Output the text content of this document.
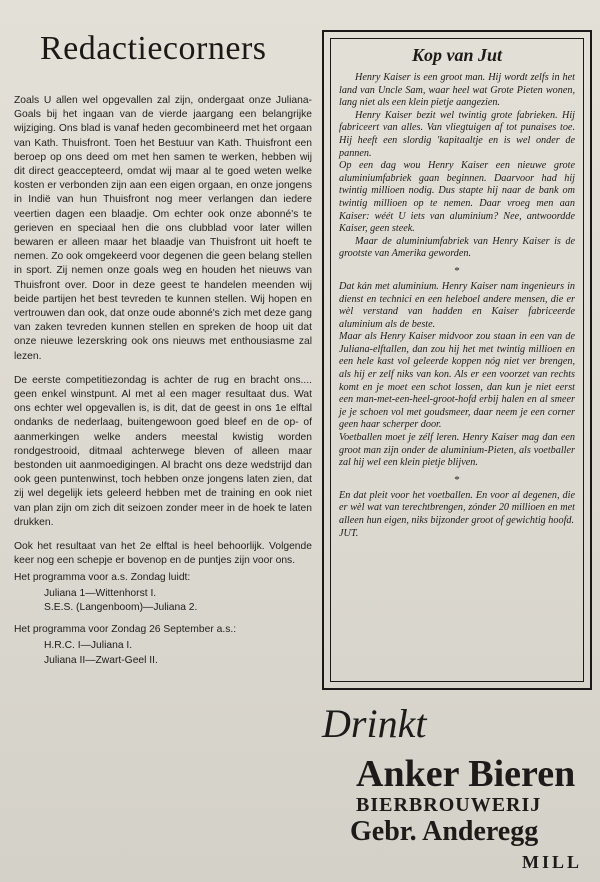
Redactiecorners

Zoals U allen wel opgevallen zal zijn, ondergaat onze Juliana-Goals bij het ingaan van de vierde jaargang een belangrijke wijziging. Ons blad is vanaf heden gecombineerd met het orgaan van Kath. Thuisfront. Toen het Bestuur van Kath. Thuisfront een beroep op ons deed om met hen samen te werken, hebben wij dit direct geaccepteerd, omdat wij maar al te goed weten welke kosten er verbonden zijn aan een eigen orgaan, en onze jongens in Indië van hun Thuisfront nog meer verlangen dan iedere veertien dagen een blaadje. Om echter ook onze abonné's te gerieven en speciaal hen die ons clubblad voor later willen bewaren er alleen maar het blaadje van Thuisfront uit hoeft te nemen. Zo ook omgekeerd voor degenen die geen belang stellen in sport. Zij nemen onze goals weg en houden het nieuws van Thuisfront over. Door in deze geest te handelen meenden wij beide partijen het best tevreden te kunnen stellen. Wij hopen en vertrouwen dan ook, dat onze oude abonné's zich met deze gang van zaken tevreden kunnen stellen en spreken de hoop uit dat onze nieuwe lezerskring ook ons nieuws met enthousiasme zal lezen.

De eerste competitiezondag is achter de rug en bracht ons.... geen enkel winstpunt. Al met al een mager resultaat dus. Wat ons echter wel opgevallen is, is dit, dat de geest in ons 1e elftal ondanks de nederlaag, buitengewoon goed bleef en de op- of aanmerkingen welke anders meestal kwistig worden rondgestrooid, ditmaal achterwege bleven of alleen maar bestonden uit aanmoedigingen. Al bracht ons deze wedstrijd dan ook geen puntenwinst, toch hebben onze jongens laten zien, dat zij wel degelijk iets geleerd hebben met de training en ook niet van plan zijn om zich dit seizoen zonder meer in de hoek te laten drukken.

Ook het resultaat van het 2e elftal is heel behoorlijk. Volgende keer nog een schepje er bovenop en de puntjes zijn voor ons.

Het programma voor a.s. Zondag luidt:

Juliana 1—Wittenhorst I.
S.E.S. (Langenboom)—Juliana 2.

Het programma voor Zondag 26 September a.s.:

H.R.C. I—Juliana I.
Juliana II—Zwart-Geel II.
Kop van Jut

Henry Kaiser is een groot man. Hij wordt zelfs in het land van Uncle Sam, waar heel wat Grote Pieten wonen, lang niet als een klein pietje aangezien.

Henry Kaiser bezit wel twintig grote fabrieken. Hij fabriceert van alles. Van vliegtuigen af tot punaises toe. Hij heeft een slordig 'kapitaaltje en is wel onder de pannen.

Op een dag wou Henry Kaiser een nieuwe grote aluminiumfabriek gaan beginnen. Daarvoor had hij twintig millioen nodig. Dus stapte hij naar de bank om twintig millioen op te nemen. Daar vroeg men aan Kaiser: wéét U iets van aluminium? Nee, antwoordde Kaiser, geen steek.

Maar de aluminiumfabriek van Henry Kaiser is de grootste van Amerika geworden.

*

Dat kán met aluminium. Henry Kaiser nam ingenieurs in dienst en technici en een helebоel andere mensen, die er wèl verstand van hadden en Kaiser fabriceerde aluminium als de beste.

Maar als Henry Kaiser midvoor zou staan in een van de Juliana-elftallen, dan zou hij het met twintig millioen en een hele kast vol geleerde koppen nóg niet ver brengen, als hij er zelf niks van kon. Als er een voorzet van rechts komt en je moet een schot lossen, dan kun je niet eerst een man-met-een-heel-groot-hofd erbij halen en al smeer je je schoen vol met goudsmeer, daar neem je een corner geen haar scherper door.

Voetballen moet je zélf leren. Henry Kaiser mag dan een groot man zijn onder de aluminium-Pieten, als voetballer zal hij wel een klein pietje blijven.

*

En dat pleit voor het voetballen. En voor al degenen, die er wèl wat van terechtbrengen, zónder 20 millioen en met alleen hun eigen, niks bijzonder groot of gewichtig hoofd.

JUT.

Drinkt
Anker Bieren
BIERBROUWERIJ
Gebr. Anderegg
MILL
